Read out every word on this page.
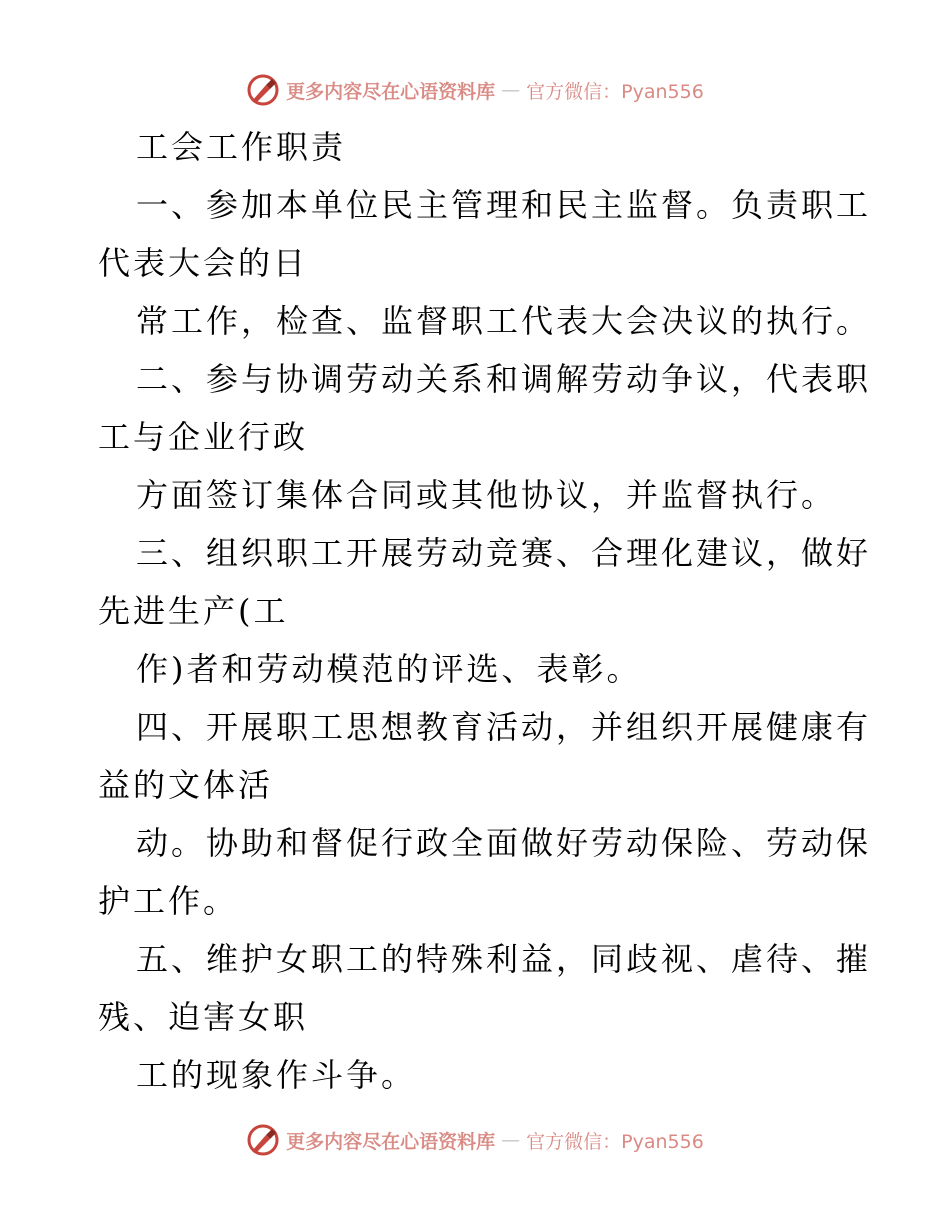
更多内容尽在心语资料库 — 官方微信：Pyan556
工会工作职责
一、参加本单位民主管理和民主监督。负责职工
代表大会的日
常工作，检查、监督职工代表大会决议的执行。
二、参与协调劳动关系和调解劳动争议，代表职
工与企业行政
方面签订集体合同或其他协议，并监督执行。
三、组织职工开展劳动竞赛、合理化建议，做好
先进生产(工
作)者和劳动模范的评选、表彰。
四、开展职工思想教育活动，并组织开展健康有
益的文体活
动。协助和督促行政全面做好劳动保险、劳动保
护工作。
五、维护女职工的特殊利益，同歧视、虐待、摧
残、迫害女职
工的现象作斗争。
更多内容尽在心语资料库 — 官方微信：Pyan556
